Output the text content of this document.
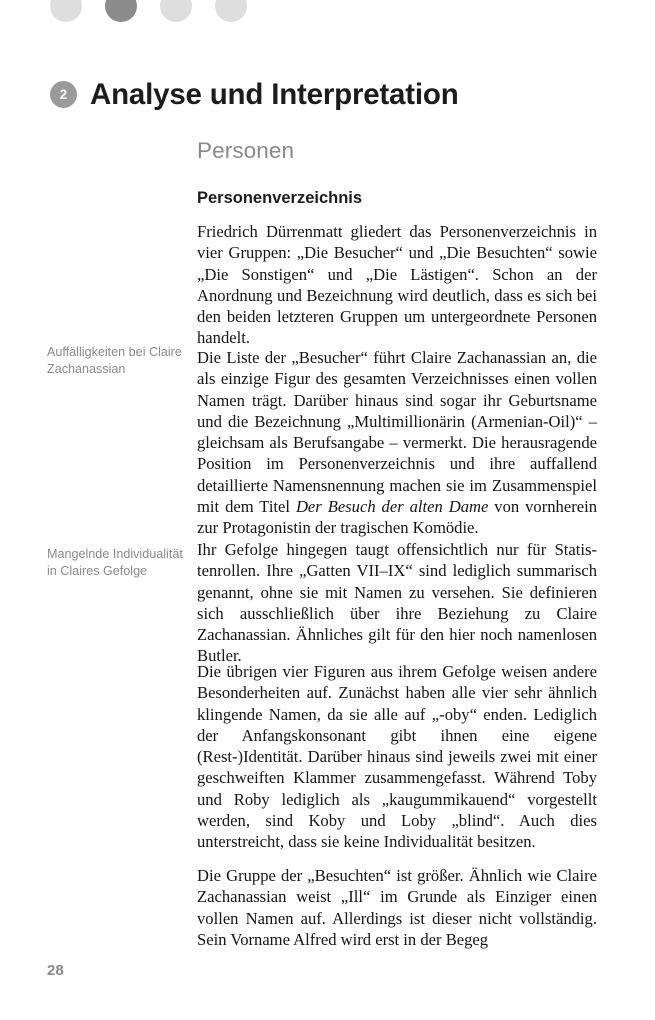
2 Analyse und Interpretation
Personen
Personenverzeichnis

Friedrich Dürrenmatt gliedert das Personenverzeichnis in vier Gruppen: „Die Besucher“ und „Die Besuchten“ sowie „Die Sonstigen“ und „Die Lästigen“. Schon an der Anordnung und Bezeichnung wird deutlich, dass es sich bei den beiden letzteren Gruppen um untergeordnete Personen handelt.

Auffälligkeiten bei Claire Zachanassian

Die Liste der „Besucher“ führt Claire Zachanassian an, die als einzige Figur des gesamten Verzeichnisses einen vollen Namen trägt. Darüber hinaus sind sogar ihr Geburtsname und die Bezeichnung „Multimillionärin (Armenian-Oil)“ – gleichsam als Berufsangabe – vermerkt. Die herausragende Position im Personenverzeichnis und ihre auffallend detaillierte Namensnennung machen sie im Zusammenspiel mit dem Titel Der Besuch der alten Dame von vornherein zur Protagonistin der tragischen Komödie.

Mangelnde Individualität in Claires Gefolge

Ihr Gefolge hingegen taugt offensichtlich nur für Statistenrollen. Ihre „Gatten VII–IX“ sind lediglich summarisch genannt, ohne sie mit Namen zu versehen. Sie definieren sich ausschließlich über ihre Beziehung zu Claire Zachanassian. Ähnliches gilt für den hier noch namenlosen Butler.

Die übrigen vier Figuren aus ihrem Gefolge weisen andere Besonderheiten auf. Zunächst haben alle vier sehr ähnlich klingende Namen, da sie alle auf „-oby“ enden. Lediglich der Anfangskonsonant gibt ihnen eine eigene (Rest-)Identität. Darüber hinaus sind jeweils zwei mit einer geschweiften Klammer zusammengefasst. Während Toby und Roby lediglich als „kaugummikauend“ vorgestellt werden, sind Koby und Loby „blind“. Auch dies unterstreicht, dass sie keine Individualität besitzen.

Die Gruppe der „Besuchten“ ist größer. Ähnlich wie Claire Zachanassian weist „Ill“ im Grunde als Einziger einen vollen Namen auf. Allerdings ist dieser nicht vollständig. Sein Vorname Alfred wird erst in der Begeg

28
